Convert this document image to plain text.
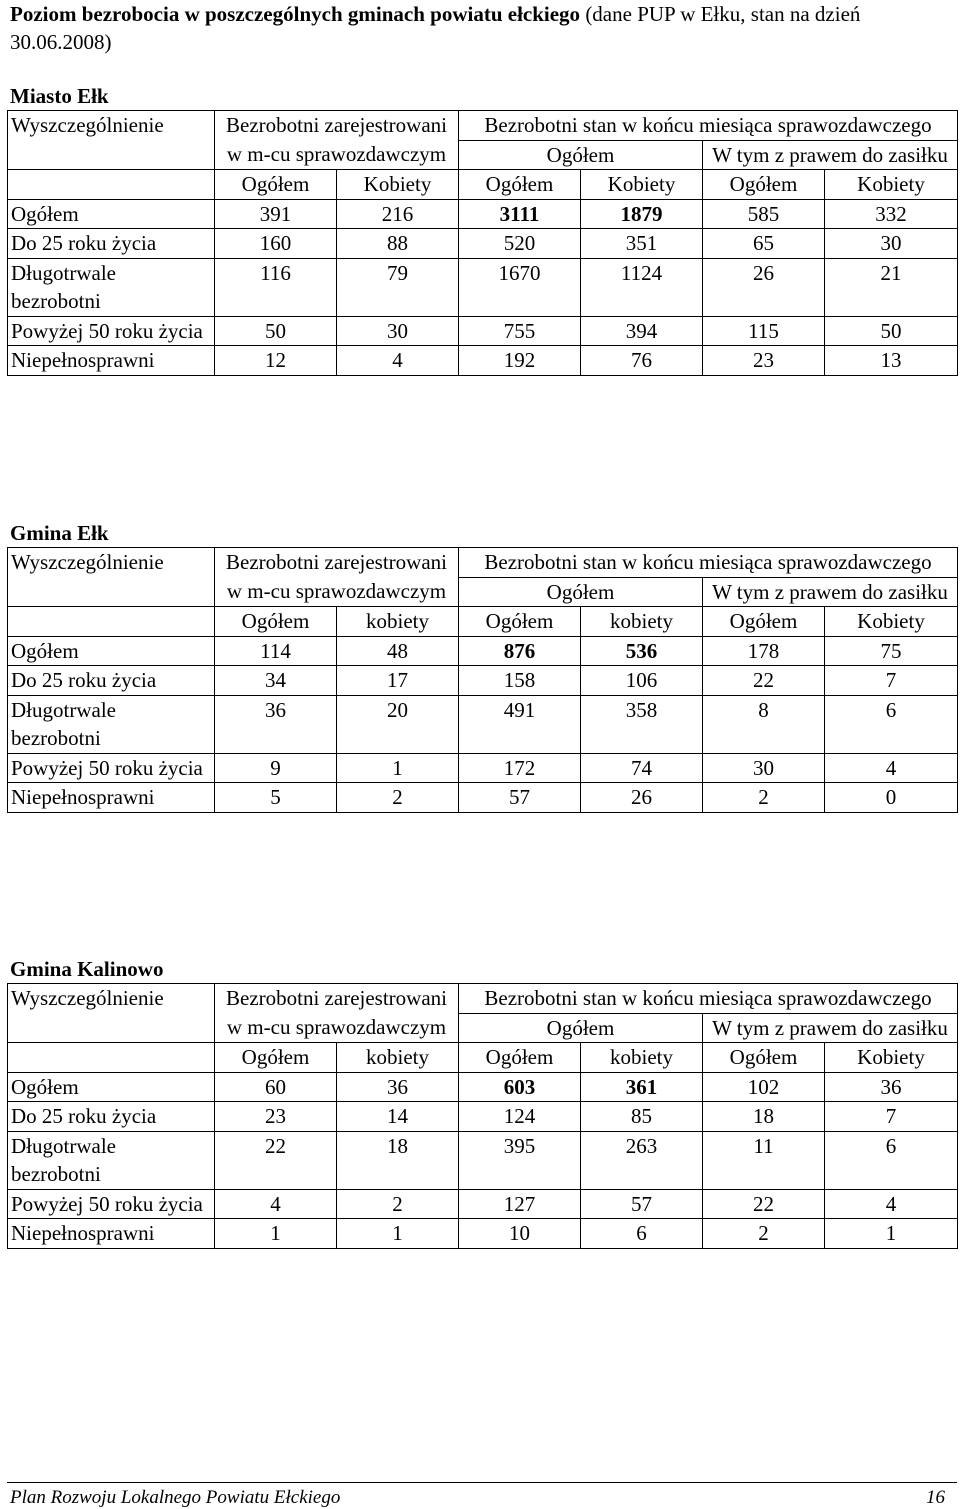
Poziom bezrobocia w poszczególnych gminach powiatu ełckiego (dane PUP w Ełku, stan na dzień 30.06.2008)
Miasto Ełk
Wyszczególnienie	Bezrobotni zarejestrowani w m-cu sprawozdawczym		Bezrobotni stan w końcu miesiąca sprawozdawczego			
			Ogółem		W tym z prawem do zasiłku	
	Ogółem	Kobiety	Ogółem	Kobiety	Ogółem	Kobiety
Ogółem	391	216	3111	1879	585	332
Do 25 roku życia	160	88	520	351	65	30
Długotrwale bezrobotni	116	79	1670	1124	26	21
Powyżej 50 roku życia	50	30	755	394	115	50
Niepełnosprawni	12	4	192	76	23	13
Gmina Ełk
Wyszczególnienie	Bezrobotni zarejestrowani w m-cu sprawozdawczym		Bezrobotni stan w końcu miesiąca sprawozdawczego			
			Ogółem		W tym z prawem do zasiłku	
	Ogółem	kobiety	Ogółem	kobiety	Ogółem	Kobiety
Ogółem	114	48	876	536	178	75
Do 25 roku życia	34	17	158	106	22	7
Długotrwale bezrobotni	36	20	491	358	8	6
Powyżej 50 roku życia	9	1	172	74	30	4
Niepełnosprawni	5	2	57	26	2	0
Gmina Kalinowo
Wyszczególnienie	Bezrobotni zarejestrowani w m-cu sprawozdawczym		Bezrobotni stan w końcu miesiąca sprawozdawczego			
			Ogółem		W tym z prawem do zasiłku	
	Ogółem	kobiety	Ogółem	kobiety	Ogółem	Kobiety
Ogółem	60	36	603	361	102	36
Do 25 roku życia	23	14	124	85	18	7
Długotrwale bezrobotni	22	18	395	263	11	6
Powyżej 50 roku życia	4	2	127	57	22	4
Niepełnosprawni	1	1	10	6	2	1
Plan Rozwoju Lokalnego Powiatu Ełckiego	16
